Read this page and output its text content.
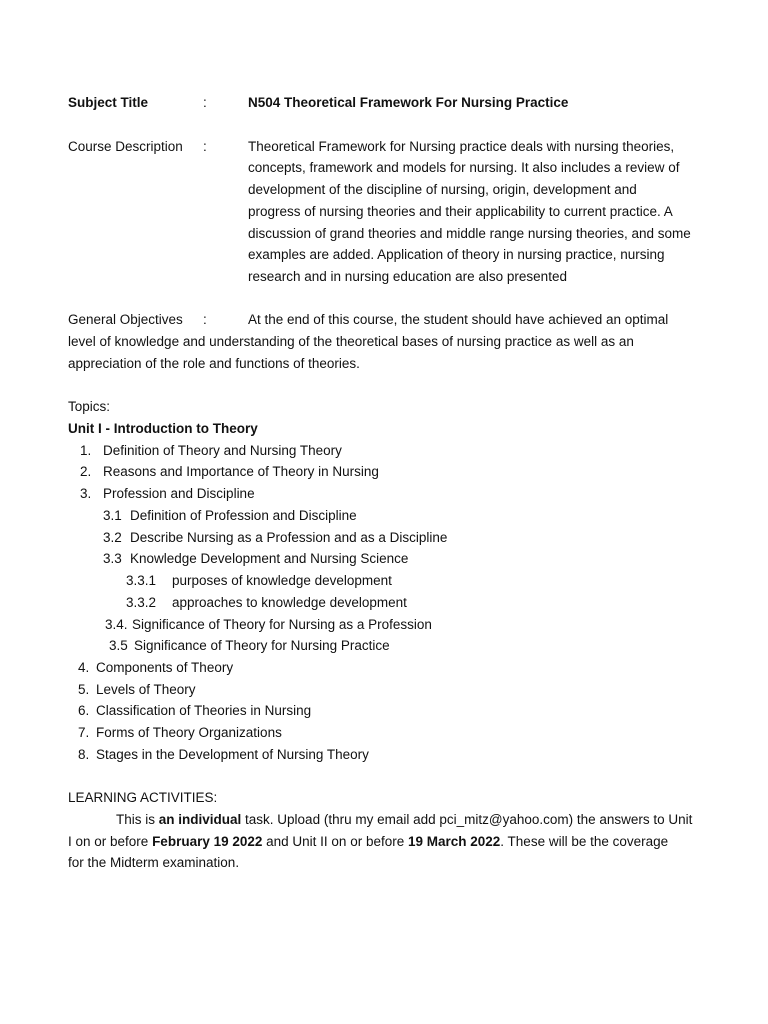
Subject Title	:	N504 Theoretical Framework For Nursing Practice
Course Description :	Theoretical Framework for Nursing practice deals with nursing theories,
concepts, framework and models for nursing. It also includes a review of
development of the discipline of nursing, origin, development and
progress of nursing theories and their applicability to current practice. A
discussion of grand theories and middle range nursing theories, and some
examples are added. Application of theory in nursing practice, nursing
research and in nursing education are also presented
General Objectives :	At the end of this course, the student should have achieved an optimal
level of knowledge and understanding of the theoretical bases of nursing practice as well as an
appreciation of the role and functions of theories.
Topics:
Unit I - Introduction to Theory
1. Definition of Theory and Nursing Theory
2. Reasons and Importance of Theory in Nursing
3. Profession and Discipline
3.1 Definition of Profession and Discipline
3.2 Describe Nursing as a Profession and as a Discipline
3.3 Knowledge Development and Nursing Science
3.3.1 purposes of knowledge development
3.3.2 approaches to knowledge development
3.4. Significance of Theory for Nursing as a Profession
3.5 Significance of Theory for Nursing Practice
4. Components of Theory
5. Levels of Theory
6. Classification of Theories in Nursing
7. Forms of Theory Organizations
8. Stages in the Development of Nursing Theory
LEARNING ACTIVITIES:
This is an individual task. Upload (thru my email add pci_mitz@yahoo.com) the answers to Unit
I on or before February 19 2022 and Unit II on or before 19 March 2022. These will be the coverage
for the Midterm examination.
